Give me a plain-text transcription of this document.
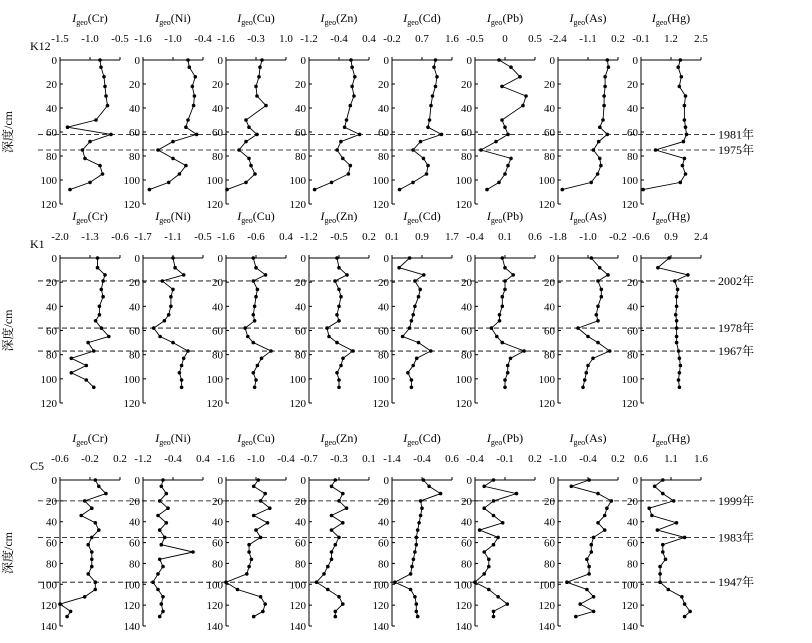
K12
深度/cm
$I_{geo}(Cr)$
-1.5 -1.0 -0.5
0
20
40
60
80
100
120
$I_{geo}(Ni)$
-1.6 -1.0 -0.4
0
20
40
60
80
100
120
$I_{geo}(Cu)$
-1.6 -0.3 1.0
0
20
40
60
80
100
120
$I_{geo}(Zn)$
-1.2 -0.4 0.4
0
20
40
60
80
100
120
$I_{geo}(Cd)$
-0.2 0.7 1.6
0
20
40
60
80
100
120
$I_{geo}(Pb)$
-0.5 0 0.5
0
20
40
60
80
100
120
$I_{geo}(As)$
-2.4 -1.1 0.2
0
20
40
60
80
100
120
$I_{geo}(Hg)$
-0.1 1.2 2.5
0
20
40
60
80
100
120
1981年
1975年
K1
深度/cm
$I_{geo}(Cr)$
-2.0 -1.3 -0.6
0
20
40
60
80
100
120
$I_{geo}(Ni)$
-1.7 -1.1 -0.5
0
20
40
60
80
100
120
$I_{geo}(Cu)$
-1.6 -0.6 0.4
0
20
40
60
80
100
120
$I_{geo}(Zn)$
-1.2 -0.5 0.2
0
20
40
60
80
100
120
$I_{geo}(Cd)$
0.1 0.9 1.7
0
20
40
60
80
100
120
$I_{geo}(Pb)$
-0.4 0.1 0.6
0
20
40
60
80
100
120
$I_{geo}(As)$
-1.8 -1.0 -0.2
0
20
40
60
80
100
120
$I_{geo}(Hg)$
-0.6 0.9 2.4
0
20
40
60
80
100
120
2002年
1978年
1967年
C5
深度/cm
$I_{geo}(Cr)$
-0.6 -0.2 0.2
0
20
40
60
80
100
120
140
$I_{geo}(Ni)$
-1.2 -0.4 0.4
0
20
40
60
80
100
120
140
$I_{geo}(Cu)$
-1.6 -1.0 -0.4
0
20
40
60
80
100
120
140
$I_{geo}(Zn)$
-0.7 -0.3 0.1
0
20
40
60
80
100
120
140
$I_{geo}(Cd)$
-1.4 -0.4 0.6
0
20
40
60
80
100
120
140
$I_{geo}(Pb)$
-0.4 -0.1 0.2
0
20
40
60
80
100
120
140
$I_{geo}(As)$
-1.0 -0.4 0.2
0
20
40
60
80
100
120
140
$I_{geo}(Hg)$
0.6 1.1 1.6
0
20
40
60
80
100
120
140
1999年
1983年
1947年
